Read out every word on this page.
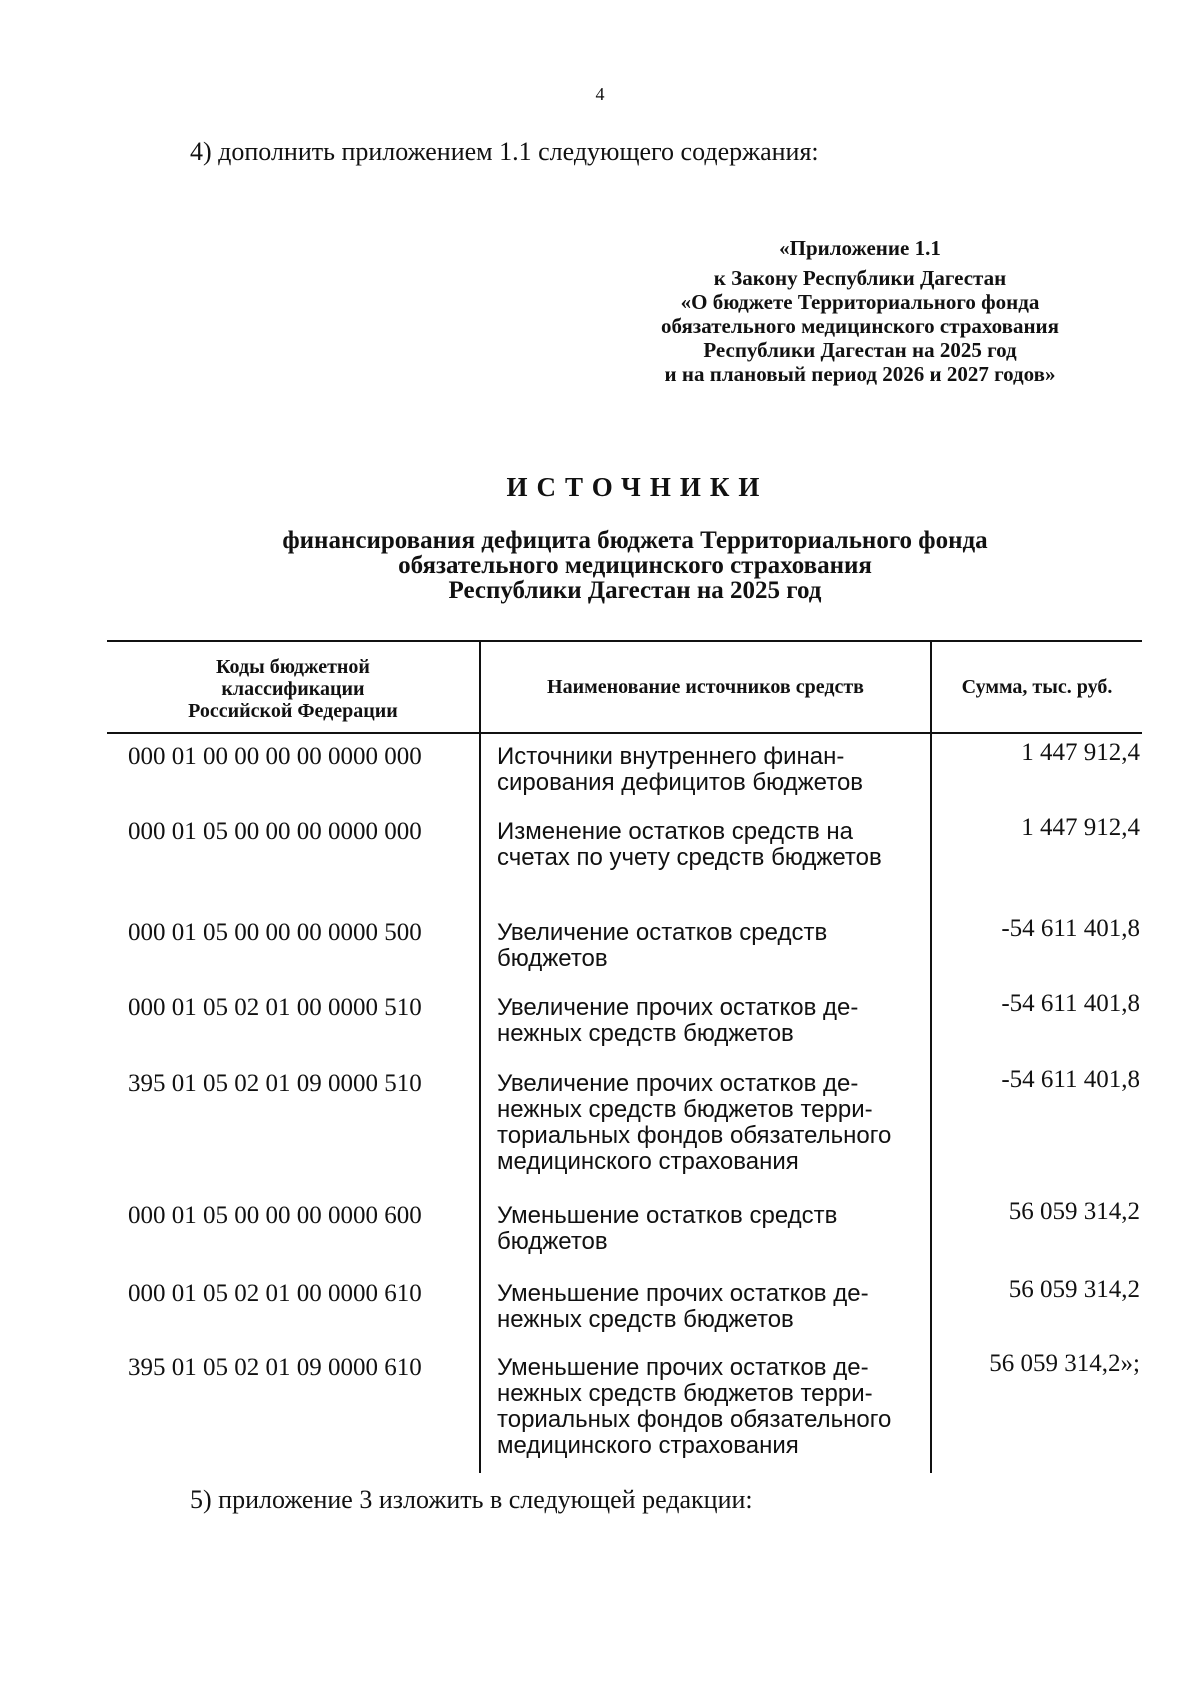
4
4) дополнить приложением 1.1 следующего содержания:
«Приложение 1.1
к Закону Республики Дагестан
«О бюджете Территориального фонда
обязательного медицинского страхования
Республики Дагестан на 2025 год
и на плановый период 2026 и 2027 годов»
ИСТОЧНИКИ
финансирования дефицита бюджета Территориального фонда
обязательного медицинского страхования
Республики Дагестан на 2025 год
Коды бюджетной
классификации
Российской Федерации	Наименование источников средств	Сумма, тыс. руб.
000 01 00 00 00 00 0000 000	Источники внутреннего финан-
сирования дефицитов бюджетов	1 447 912,4
000 01 05 00 00 00 0000 000	Изменение остатков средств на
счетах по учету средств бюджетов	1 447 912,4
000 01 05 00 00 00 0000 500	Увеличение остатков средств
бюджетов	-54 611 401,8
000 01 05 02 01 00 0000 510	Увеличение прочих остатков де-
нежных средств бюджетов	-54 611 401,8
395 01 05 02 01 09 0000 510	Увеличение прочих остатков де-
нежных средств бюджетов терри-
ториальных фондов обязательного
медицинского страхования	-54 611 401,8
000 01 05 00 00 00 0000 600	Уменьшение остатков средств
бюджетов	56 059 314,2
000 01 05 02 01 00 0000 610	Уменьшение прочих остатков де-
нежных средств бюджетов	56 059 314,2
395 01 05 02 01 09 0000 610	Уменьшение прочих остатков де-
нежных средств бюджетов терри-
ториальных фондов обязательного
медицинского страхования	56 059 314,2»;
5) приложение 3 изложить в следующей редакции:
